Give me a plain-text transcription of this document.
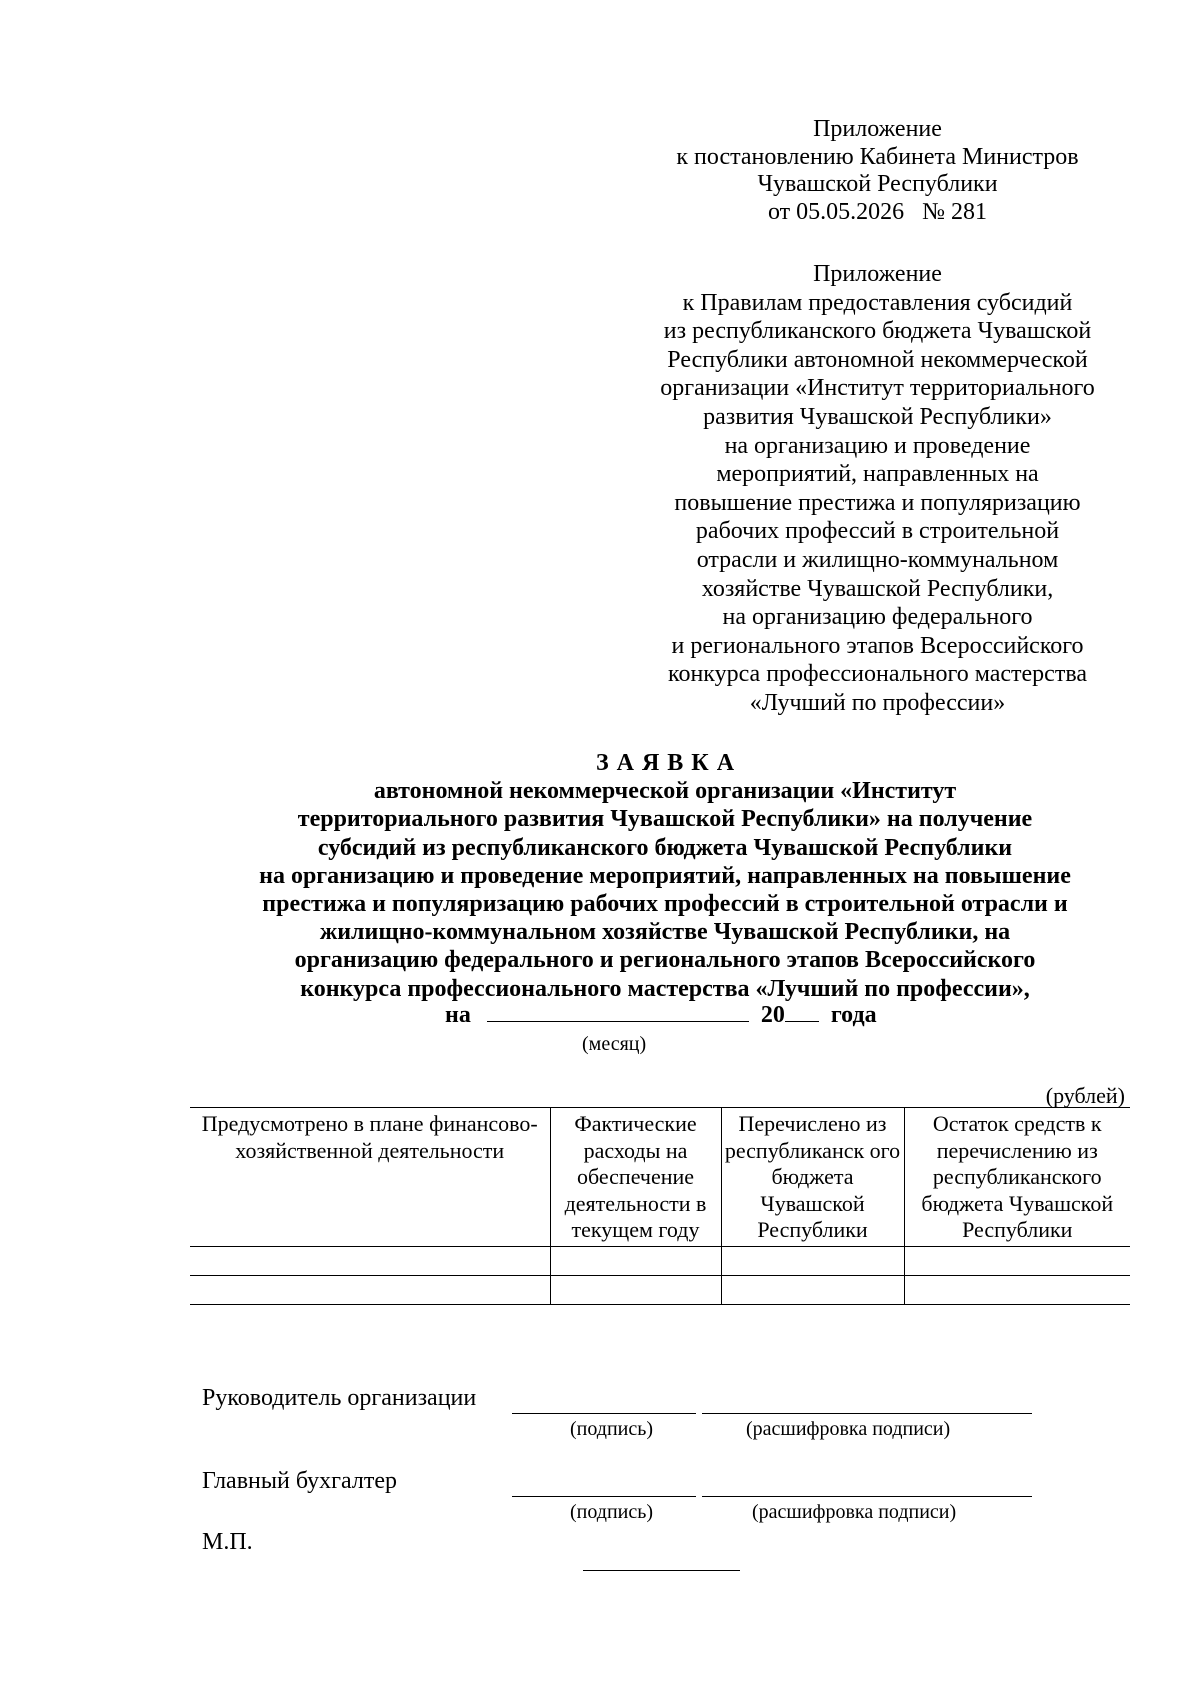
Приложение
к постановлению Кабинета Министров
Чувашской Республики
от 05.05.2026   № 281
Приложение
к Правилам предоставления субсидий
из республиканского бюджета Чувашской
Республики автономной некоммерческой
организации «Институт территориального
развития Чувашской Республики»
на организацию и проведение
мероприятий, направленных на
повышение престижа и популяризацию
рабочих профессий в строительной
отрасли и жилищно-коммунальном
хозяйстве Чувашской Республики,
на организацию федерального
и регионального этапов Всероссийского
конкурса профессионального мастерства
«Лучший по профессии»
ЗАЯВКА
автономной некоммерческой организации «Институт
территориального развития Чувашской Республики» на получение
субсидий из республиканского бюджета Чувашской Республики
на организацию и проведение мероприятий, направленных на повышение
престижа и популяризацию рабочих профессий в строительной отрасли и
жилищно-коммунальном хозяйстве Чувашской Республики, на
организацию федерального и регионального этапов Всероссийского
конкурса профессионального мастерства «Лучший по профессии»,
на	20 года
(месяц)
(рублей)
Предусмотрено в плане финансово-хозяйственной деятельности	Фактические расходы на обеспечение деятельности в текущем году	Перечислено из республиканск ого бюджета Чувашской Республики	Остаток средств к перечислению из республиканского бюджета Чувашской Республики

Руководитель организации
(подпись)	(расшифровка подписи)
Главный бухгалтер
(подпись)	(расшифровка подписи)
М.П.
